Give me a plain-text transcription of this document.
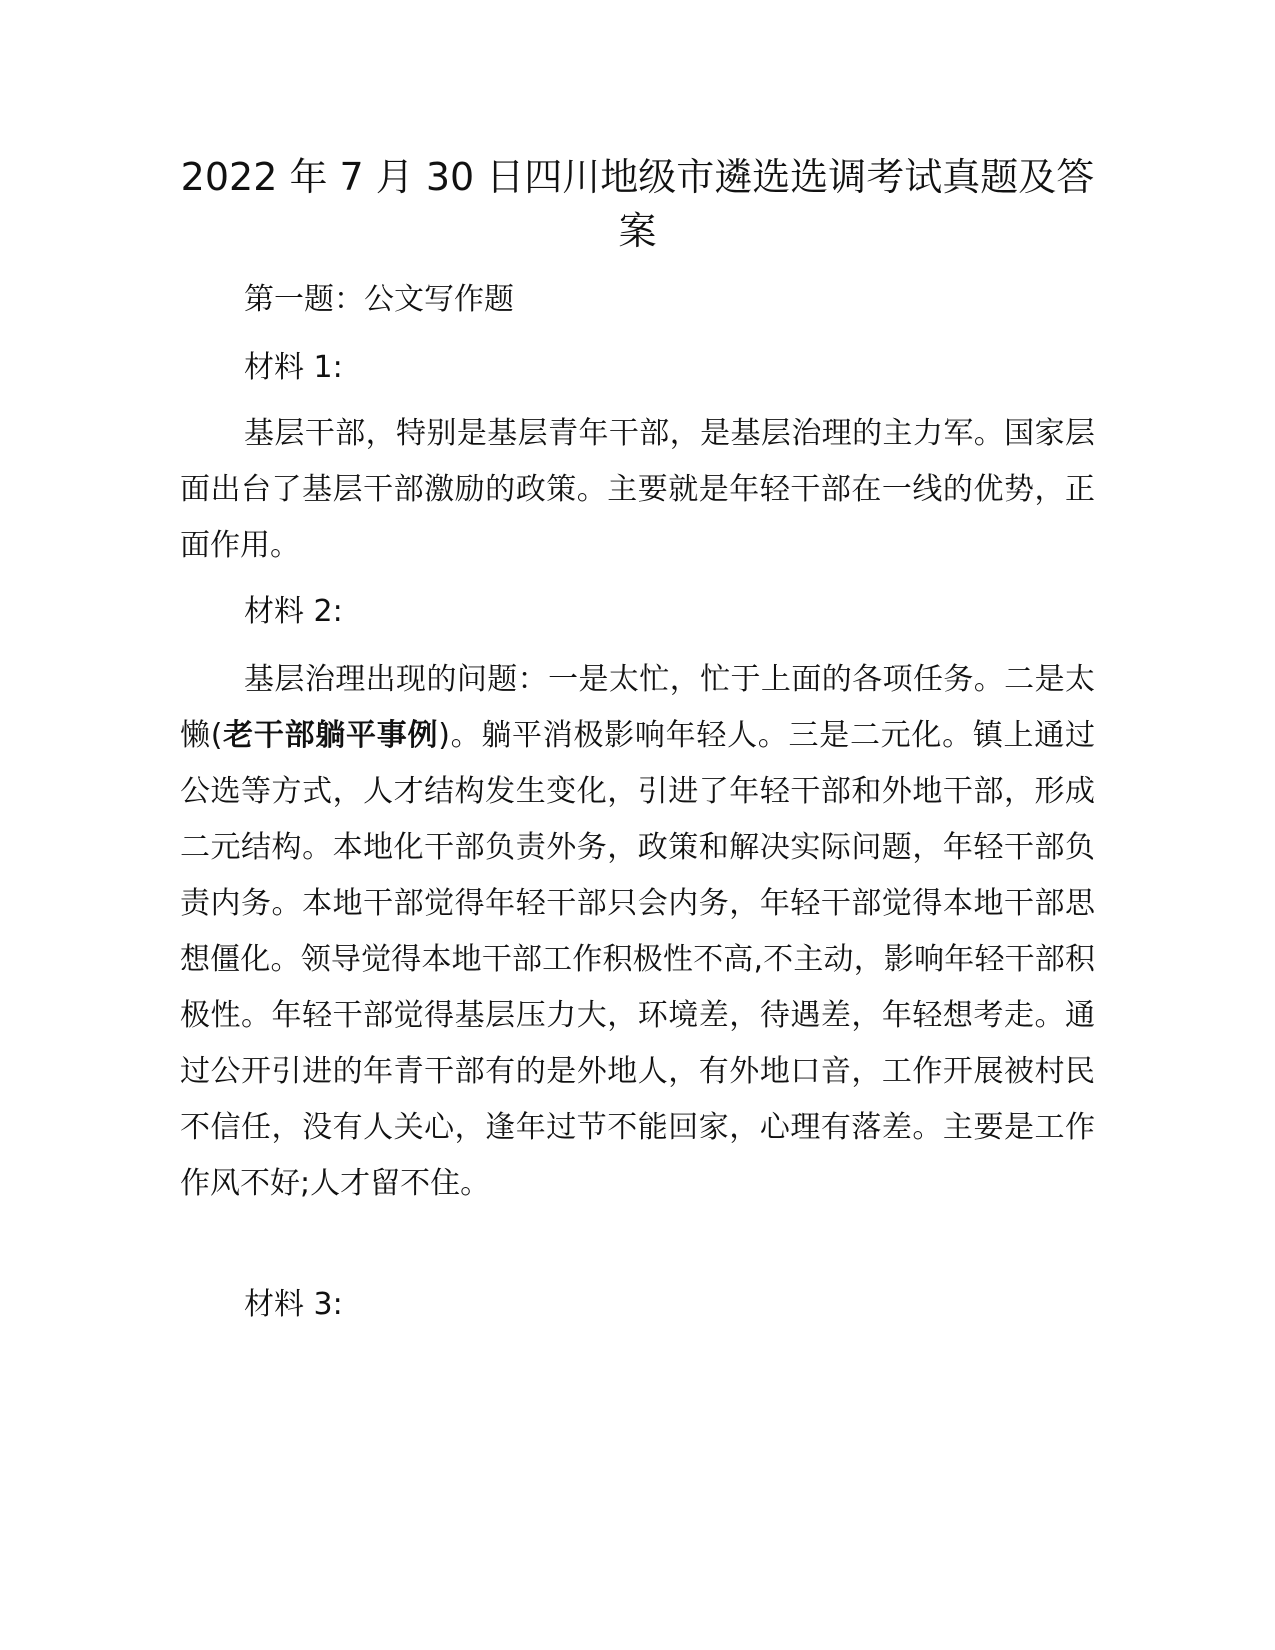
2022 年 7 月 30 日四川地级市遴选选调考试真题及答案

第一题：公文写作题

材料 1:

基层干部，特别是基层青年干部，是基层治理的主力军。国家层面出台了基层干部激励的政策。主要就是年轻干部在一线的优势，正面作用。

材料 2:

基层治理出现的问题：一是太忙，忙于上面的各项任务。二是太懒(老干部躺平事例)。躺平消极影响年轻人。三是二元化。镇上通过公选等方式，人才结构发生变化，引进了年轻干部和外地干部，形成二元结构。本地化干部负责外务，政策和解决实际问题，年轻干部负责内务。本地干部觉得年轻干部只会内务，年轻干部觉得本地干部思想僵化。领导觉得本地干部工作积极性不高,不主动，影响年轻干部积极性。年轻干部觉得基层压力大，环境差，待遇差，年轻想考走。通过公开引进的年青干部有的是外地人，有外地口音，工作开展被村民不信任，没有人关心，逢年过节不能回家，心理有落差。主要是工作作风不好;人才留不住。

材料 3:
